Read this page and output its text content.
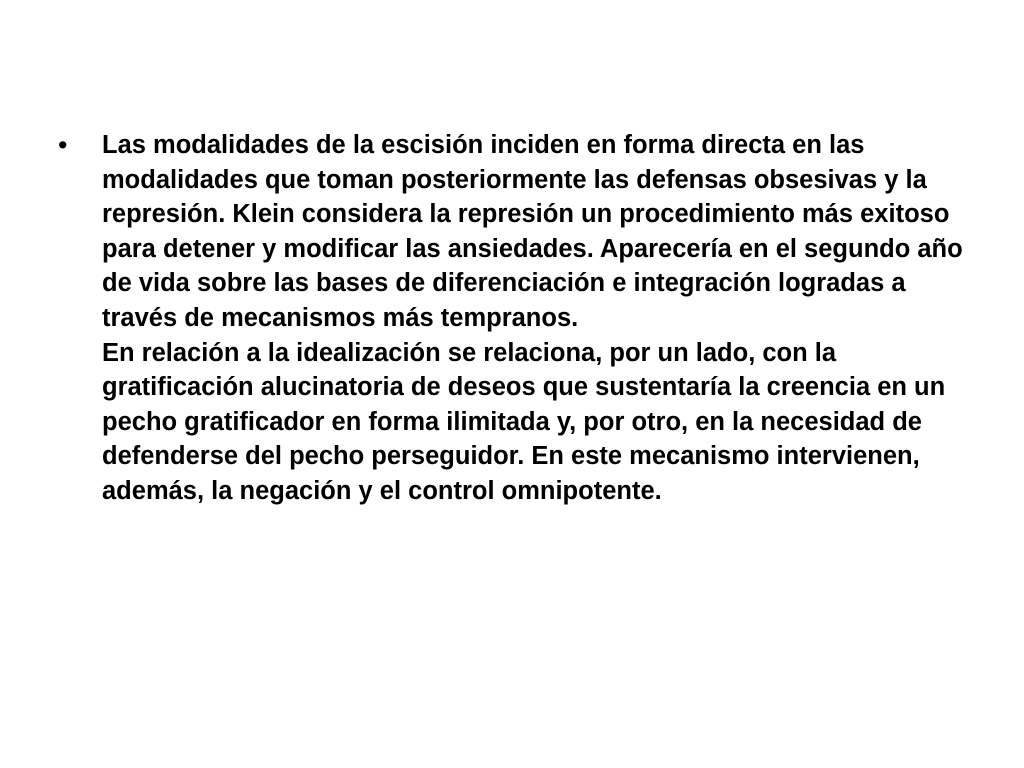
•	Las modalidades de la escisión inciden en forma directa en las modalidades que toman posteriormente las defensas obsesivas y la represión. Klein considera la represión un procedimiento más exitoso para detener y modificar las ansiedades. Aparecería en el segundo año de vida sobre las bases de diferenciación e integración logradas a través de mecanismos más tempranos.

En relación a la idealización se relaciona, por un lado, con la gratificación alucinatoria de deseos que sustentaría la creencia en un pecho gratificador en forma ilimitada y, por otro, en la necesidad de defenderse del pecho perseguidor. En este mecanismo intervienen, además, la negación y el control omnipotente.
